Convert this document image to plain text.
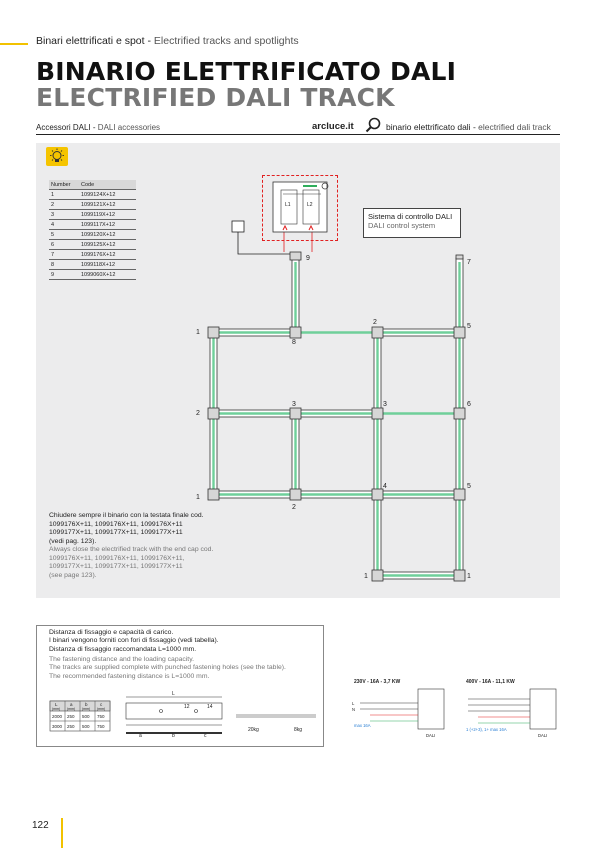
Binari elettrificati e spot - Electrified tracks and spotlights
BINARIO ELETTRIFICATO DALI
ELECTRIFIED DALI TRACK
Accessori DALI - DALI accessories	arcluce.it	binario elettrificato dali - electrified dali track
Number	Code
1	1099124X+12
2	1099121X+12
3	1099119X+12
4	1099117X+12
5	1099120X+12
6	1099125X+12
7	1099176X+12
8	1099118X+12
9	1099060X+12
9
7
1
8
2
5
2
3	3	6
1
4	5
2
1	1
L1	L2
Sistema di controllo DALI
DALI control system
Chiudere sempre il binario con la testata finale cod.
1099176X+11, 1099176X+11, 1099176X+11
1099177X+11, 1099177X+11, 1099177X+11
(vedi pag. 123).
Always close the electrified track with the end cap cod.
1099176X+11, 1099176X+11, 1099176X+11,
1099177X+11, 1099177X+11, 1099177X+11
(see page 123).
Distanza di fissaggio e capacità di carico.
I binari vengono forniti con fori di fissaggio (vedi tabella).
Distanza di fissaggio raccomandata L=1000 mm.
The fastening distance and the loading capacity.
The tracks are supplied complete with punched fastening holes (see the table).
The recommended fastening distance is L=1000 mm.
L	a	b	c
(mm) (mm) (mm) (mm)
2000 250 500 750
3000 250 500 750
L
12	14
a	b	c
20kg	8kg
230V - 16A - 3,7 KW	400V - 16A - 11,1 KW
L
N
max 16A
1 (+2+3), 1+ max 16A
DALI	DALI
122
